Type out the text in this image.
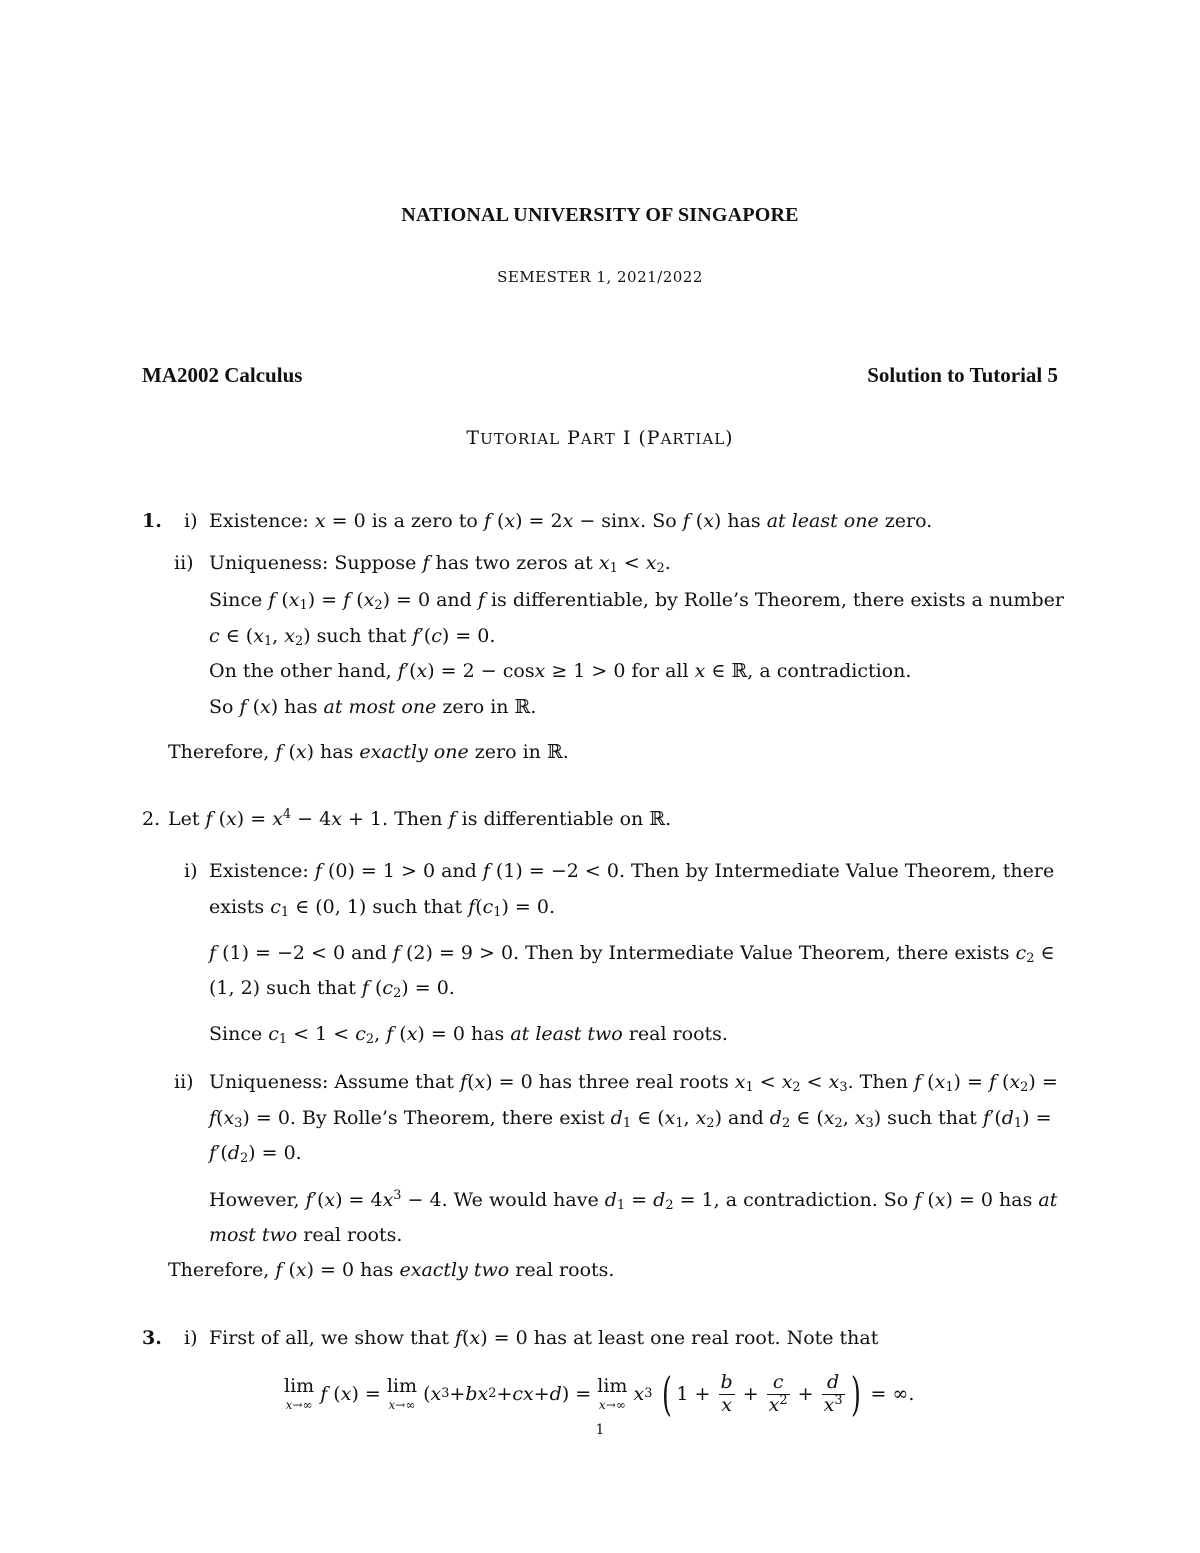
NATIONAL UNIVERSITY OF SINGAPORE
SEMESTER 1, 2021/2022
MA2002 Calculus	Solution to Tutorial 5
TUTORIAL PART I (PARTIAL)
1. i) Existence: x = 0 is a zero to f (x) = 2x − sinx. So f (x) has at least one zero.
ii) Uniqueness: Suppose f has two zeros at $x_1 < x_2$.
Since f $(x_1) = f$ $(x_2) = 0$ and f is differentiable, by Rolle’s Theorem, there exists a number
c ∈ ($x_1$, $x_2$) such that f′(c) = 0.
On the other hand, f′(x) = 2 − cosx ≥ 1 > 0 for all x ∈ ℝ, a contradiction.
So f (x) has at most one zero in ℝ.
Therefore, f (x) has exactly one zero in ℝ.
2. Let f $(x) = x^4 - 4x + 1$. Then f is differentiable on ℝ.
i) Existence: f (0) = 1 > 0 and f (1) = −2 < 0. Then by Intermediate Value Theorem, there
exists $c_1$ ∈ (0, 1) such that $f(c_1) = 0$.
f (1) = −2 < 0 and f (2) = 9 > 0. Then by Intermediate Value Theorem, there exists $c_2$ ∈
(1, 2) such that f $(c_2) = 0$.
Since $c_1 < 1 < c_2$, f (x) = 0 has at least two real roots.
ii) Uniqueness: Assume that f(x) = 0 has three real roots $x_1 < x_2 < x_3$. Then f $(x_1) = f$ $(x_2)$ =
$f(x_3) = 0$. By Rolle’s Theorem, there exist $d_1$ ∈ ($x_1$, $x_2$) and $d_2$ ∈ ($x_2$, $x_3$) such that $f'(d_1)$ =
$f'(d_2) = 0$.
However, $f'(x) = 4x^3 - 4$. We would have $d_1 = d_2 = 1$, a contradiction. So f (x) = 0 has at
most two real roots.
Therefore, f (x) = 0 has exactly two real roots.
3. i) First of all, we show that f(x) = 0 has at least one real root. Note that
lim
x→∞
f ( x ) = lim
x→∞ ( x 3 + bx 2 + cx + d ) = lim
x→∞
x 3
( $1 + \frac{b}{x} + \frac{c}{x^2} + \frac{d}{x^3}$ ) = ∞.
1
